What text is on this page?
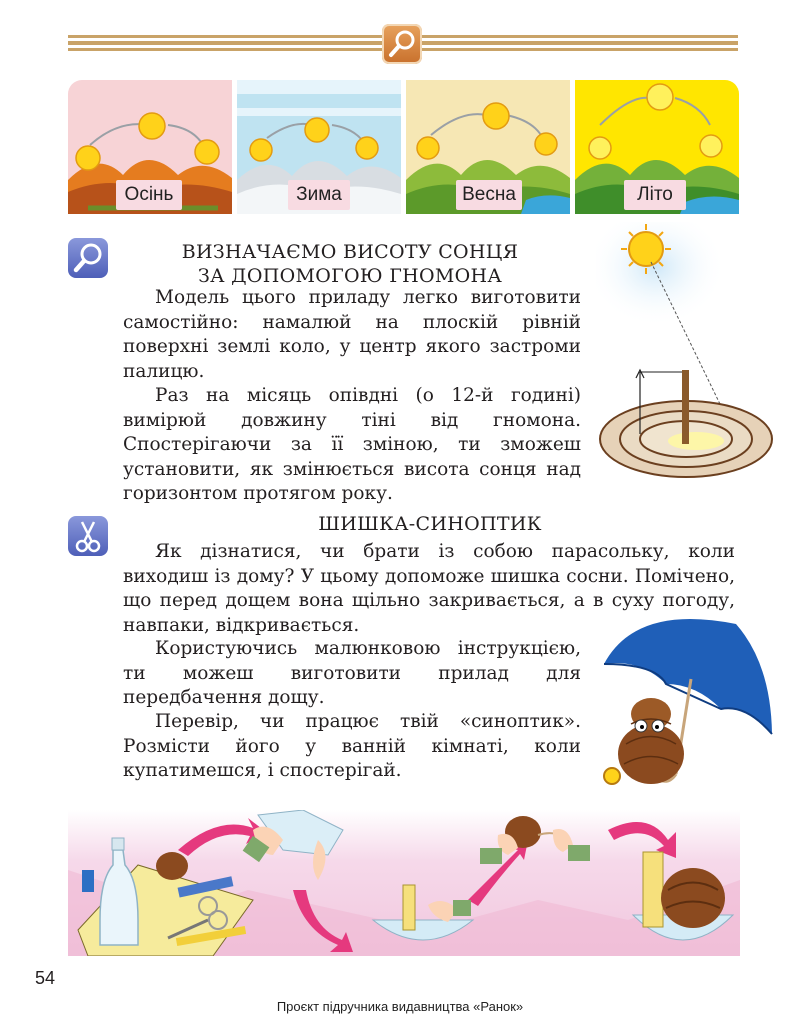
Осінь	Зима	Весна	Літо
ВИЗНАЧАЄМО ВИСОТУ СОНЦЯ
ЗА ДОПОМОГОЮ ГНОМОНА

Модель цього приладу легко виготовити самостійно: намалюй на плоскій рівній поверхні землі коло, у центр якого застроми палицю.

Раз на місяць опівдні (о 12-й годині) вимірюй довжину тіні від гномона. Спостерігаючи за її зміною, ти зможеш установити, як змінюється висота сонця над горизонтом протягом року.

ШИШКА-СИНОПТИК

Як дізнатися, чи брати із собою парасольку, коли виходиш із дому? У цьому допоможе шишка сосни. Помічено, що перед дощем вона щільно закривається, а в суху погоду, навпаки, відкривається.

Користуючись малюнковою інструкцією, ти можеш виготовити прилад для передбачення дощу.

Перевір, чи працює твій «синоптик». Розмісти його у ванній кімнаті, коли купатимешся, і спостерігай.

54
Проєкт підручника видавництва «Ранок»
